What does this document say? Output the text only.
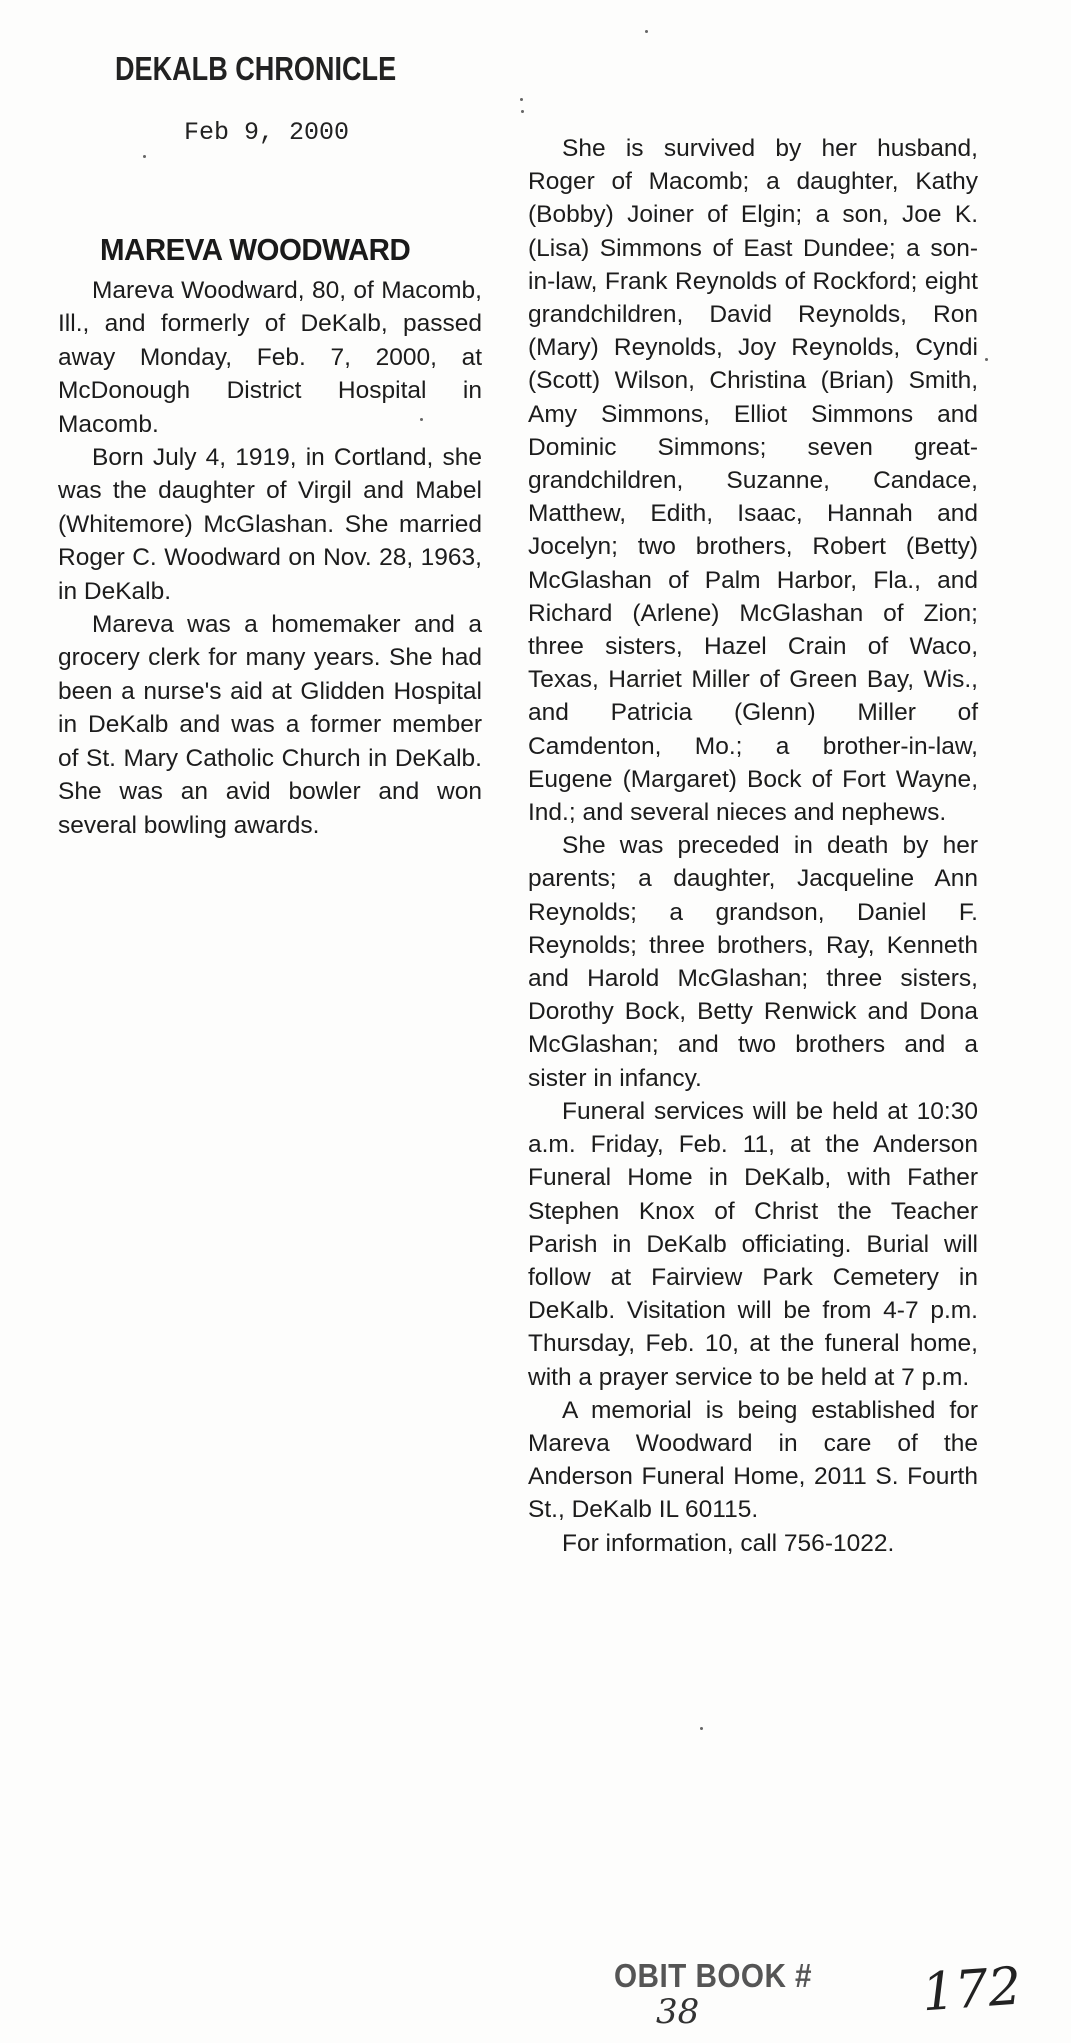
DEKALB CHRONICLE
Feb 9, 2000
MAREVA WOODWARD

Mareva Woodward, 80, of Macomb, Ill., and formerly of DeKalb, passed away Monday, Feb. 7, 2000, at McDonough District Hospital in Macomb.

Born July 4, 1919, in Cortland, she was the daughter of Virgil and Mabel (Whitemore) McGlashan. She married Roger C. Woodward on Nov. 28, 1963, in DeKalb.

Mareva was a homemaker and a grocery clerk for many years. She had been a nurse's aid at Glidden Hospital in DeKalb and was a former member of St. Mary Catholic Church in DeKalb. She was an avid bowler and won several bowling awards.

She is survived by her husband, Roger of Macomb; a daughter, Kathy (Bobby) Joiner of Elgin; a son, Joe K. (Lisa) Simmons of East Dundee; a son-in-law, Frank Reynolds of Rockford; eight grandchildren, David Reynolds, Ron (Mary) Reynolds, Joy Reynolds, Cyndi (Scott) Wilson, Christina (Brian) Smith, Amy Simmons, Elliot Simmons and Dominic Simmons; seven great-grandchildren, Suzanne, Candace, Matthew, Edith, Isaac, Hannah and Jocelyn; two brothers, Robert (Betty) McGlashan of Palm Harbor, Fla., and Richard (Arlene) McGlashan of Zion; three sisters, Hazel Crain of Waco, Texas, Harriet Miller of Green Bay, Wis., and Patricia (Glenn) Miller of Camdenton, Mo.; a brother-in-law, Eugene (Margaret) Bock of Fort Wayne, Ind.; and several nieces and nephews.

She was preceded in death by her parents; a daughter, Jacqueline Ann Reynolds; a grandson, Daniel F. Reynolds; three brothers, Ray, Kenneth and Harold McGlashan; three sisters, Dorothy Bock, Betty Renwick and Dona McGlashan; and two brothers and a sister in infancy.

Funeral services will be held at 10:30 a.m. Friday, Feb. 11, at the Anderson Funeral Home in DeKalb, with Father Stephen Knox of Christ the Teacher Parish in DeKalb officiating. Burial will follow at Fairview Park Cemetery in DeKalb. Visitation will be from 4-7 p.m. Thursday, Feb. 10, at the funeral home, with a prayer service to be held at 7 p.m.

A memorial is being established for Mareva Woodward in care of the Anderson Funeral Home, 2011 S. Fourth St., DeKalb IL 60115.

For information, call 756-1022.

OBIT BOOK #
38	172
